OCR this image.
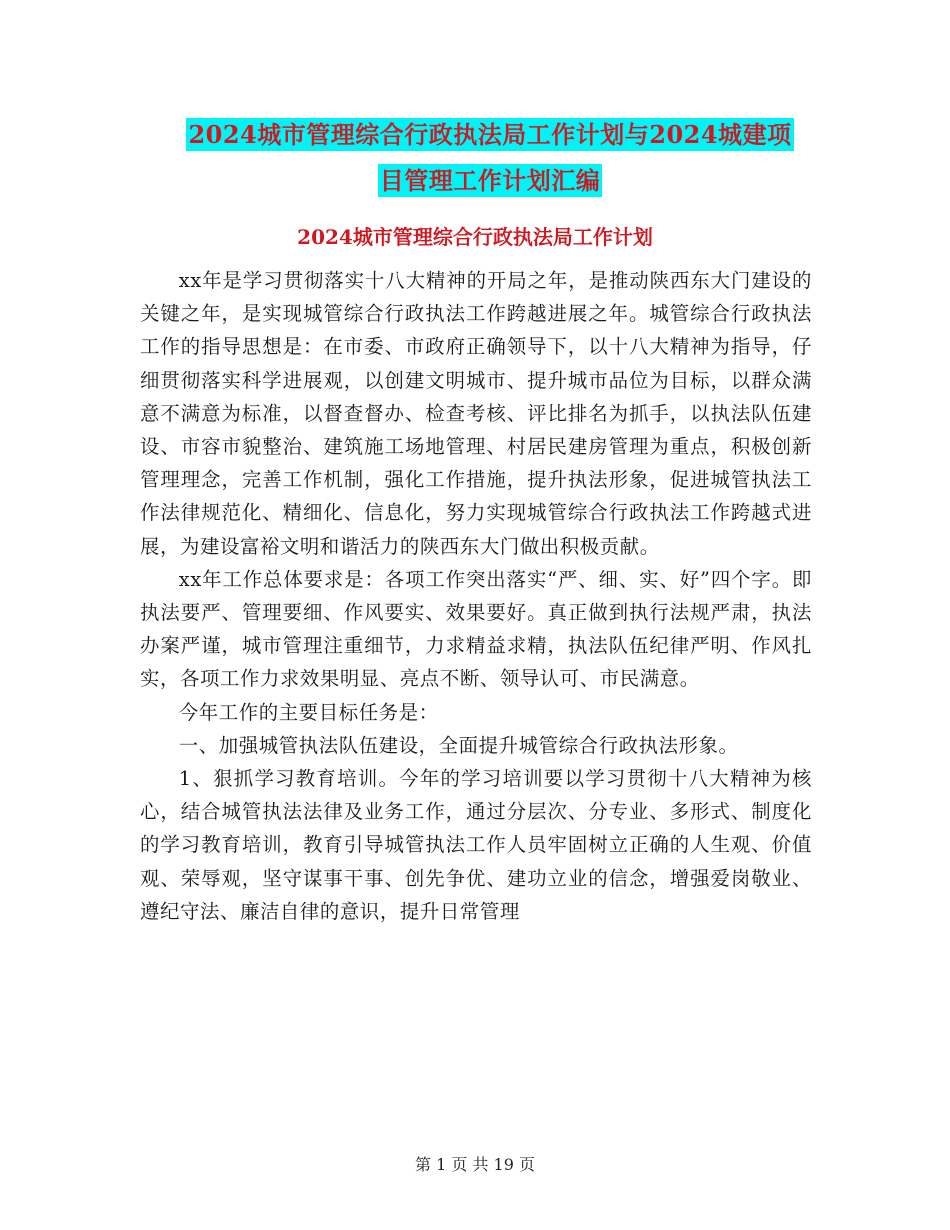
2024城市管理综合行政执法局工作计划与2024城建项
目管理工作计划汇编
2024城市管理综合行政执法局工作计划

xx年是学习贯彻落实十八大精神的开局之年，是推动陕西东大门建设的关键之年，是实现城管综合行政执法工作跨越进展之年。城管综合行政执法工作的指导思想是：在市委、市政府正确领导下，以十八大精神为指导，仔细贯彻落实科学进展观，以创建文明城市、提升城市品位为目标，以群众满意不满意为标准，以督查督办、检查考核、评比排名为抓手，以执法队伍建设、市容市貌整治、建筑施工场地管理、村居民建房管理为重点，积极创新管理理念，完善工作机制，强化工作措施，提升执法形象，促进城管执法工作法律规范化、精细化、信息化，努力实现城管综合行政执法工作跨越式进展，为建设富裕文明和谐活力的陕西东大门做出积极贡献。

xx年工作总体要求是：各项工作突出落实“严、细、实、好”四个字。即执法要严、管理要细、作风要实、效果要好。真正做到执行法规严肃，执法办案严谨，城市管理注重细节，力求精益求精，执法队伍纪律严明、作风扎实，各项工作力求效果明显、亮点不断、领导认可、市民满意。

今年工作的主要目标任务是：

一、加强城管执法队伍建设，全面提升城管综合行政执法形象。

1、狠抓学习教育培训。今年的学习培训要以学习贯彻十八大精神为核心，结合城管执法法律及业务工作，通过分层次、分专业、多形式、制度化的学习教育培训，教育引导城管执法工作人员牢固树立正确的人生观、价值观、荣辱观，坚守谋事干事、创先争优、建功立业的信念，增强爱岗敬业、遵纪守法、廉洁自律的意识，提升日常管理

第 1 页 共 19 页
